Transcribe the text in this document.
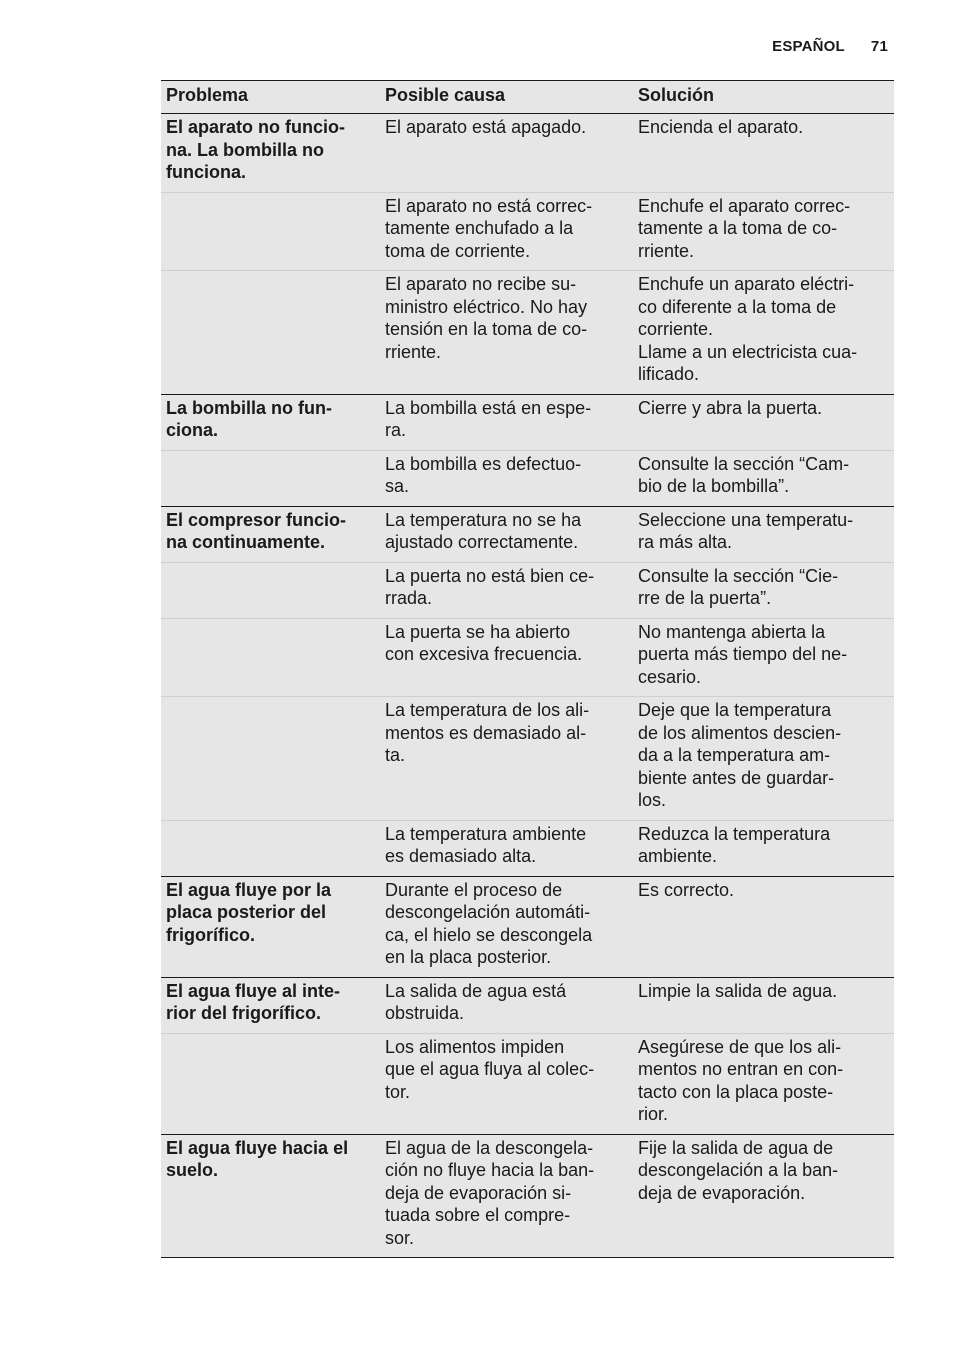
ESPAÑOL 71
Problema	Posible causa	Solución

El aparato no funcio-
na. La bombilla no
funciona.	El aparato está apagado.	Encienda el aparato.

	El aparato no está correc-
tamente enchufado a la
toma de corriente.	Enchufe el aparato correc-
tamente a la toma de co-
rriente.

	El aparato no recibe su-
ministro eléctrico. No hay
tensión en la toma de co-
rriente.	Enchufe un aparato eléctri-
co diferente a la toma de
corriente.
Llame a un electricista cua-
lificado.

La bombilla no fun-
ciona.	La bombilla está en espe-
ra.	Cierre y abra la puerta.

	La bombilla es defectuo-
sa.	Consulte la sección “Cam-
bio de la bombilla”.

El compresor funcio-
na continuamente.	La temperatura no se ha
ajustado correctamente.	Seleccione una temperatu-
ra más alta.

	La puerta no está bien ce-
rrada.	Consulte la sección “Cie-
rre de la puerta”.

	La puerta se ha abierto
con excesiva frecuencia.	No mantenga abierta la
puerta más tiempo del ne-
cesario.

	La temperatura de los ali-
mentos es demasiado al-
ta.	Deje que la temperatura
de los alimentos descien-
da a la temperatura am-
biente antes de guardar-
los.

	La temperatura ambiente
es demasiado alta.	Reduzca la temperatura
ambiente.

El agua fluye por la
placa posterior del
frigorífico.	Durante el proceso de
descongelación automáti-
ca, el hielo se descongela
en la placa posterior.	Es correcto.

El agua fluye al inte-
rior del frigorífico.	La salida de agua está
obstruida.	Limpie la salida de agua.

	Los alimentos impiden
que el agua fluya al colec-
tor.	Asegúrese de que los ali-
mentos no entran en con-
tacto con la placa poste-
rior.

El agua fluye hacia el
suelo.	El agua de la descongela-
ción no fluye hacia la ban-
deja de evaporación si-
tuada sobre el compre-
sor.	Fije la salida de agua de
descongelación a la ban-
deja de evaporación.
